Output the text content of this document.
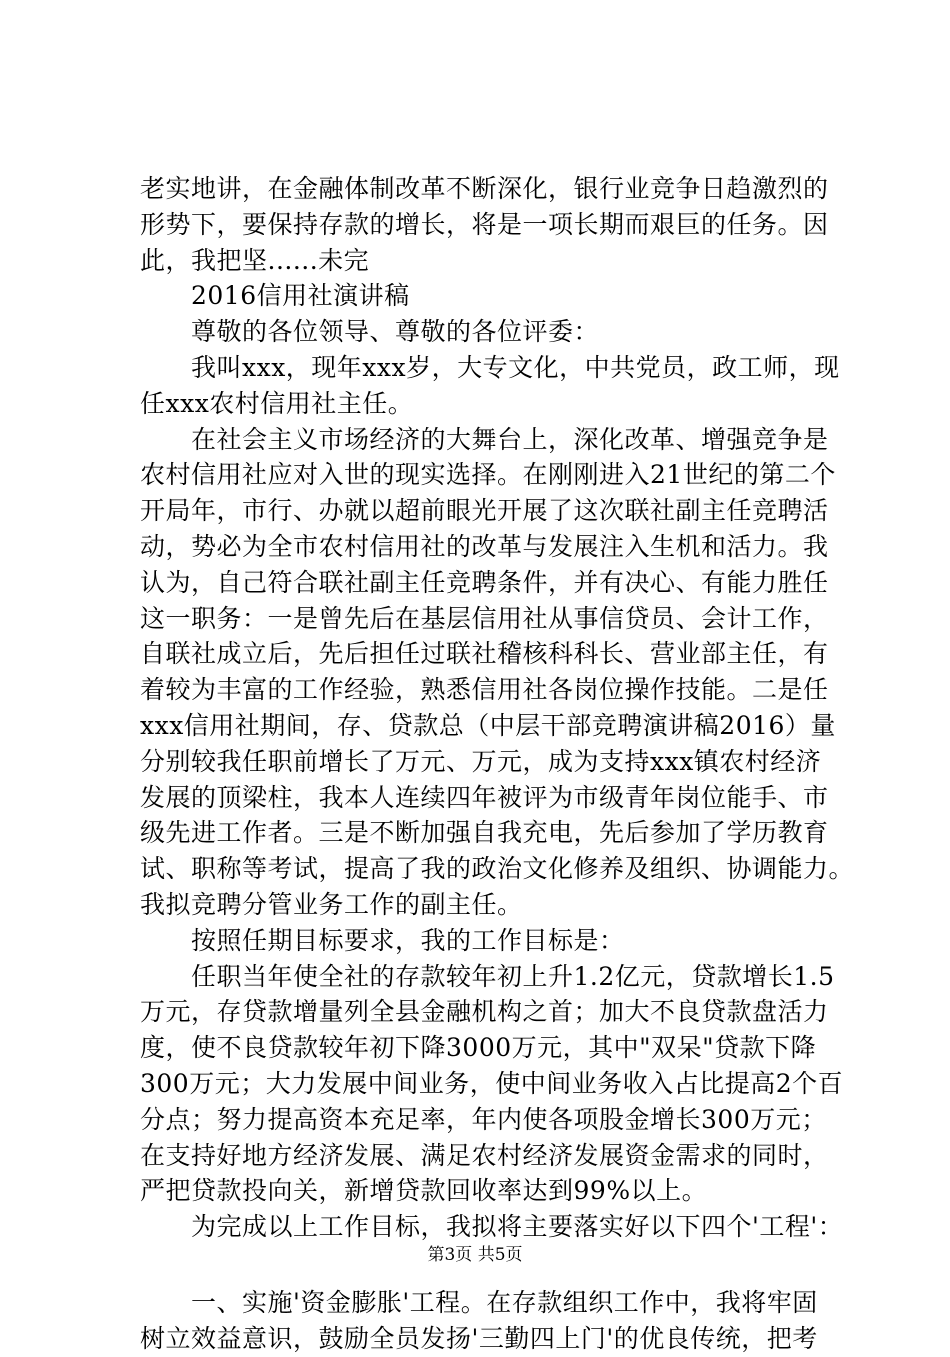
老实地讲，在金融体制改革不断深化，银行业竞争日趋激烈的
形势下，要保持存款的增长，将是一项长期而艰巨的任务。因
此，我把坚......未完
　　2016信用社演讲稿
　　尊敬的各位领导、尊敬的各位评委：
　　我叫xxx，现年xxx岁，大专文化，中共党员，政工师，现
任xxx农村信用社主任。
　　在社会主义市场经济的大舞台上，深化改革、增强竞争是
农村信用社应对入世的现实选择。在刚刚进入21世纪的第二个
开局年，市行、办就以超前眼光开展了这次联社副主任竞聘活
动，势必为全市农村信用社的改革与发展注入生机和活力。我
认为，自己符合联社副主任竞聘条件，并有决心、有能力胜任
这一职务：一是曾先后在基层信用社从事信贷员、会计工作，
自联社成立后，先后担任过联社稽核科科长、营业部主任，有
着较为丰富的工作经验，熟悉信用社各岗位操作技能。二是任
xxx信用社期间，存、贷款总（中层干部竞聘演讲稿2016）量
分别较我任职前增长了万元、万元，成为支持xxx镇农村经济
发展的顶梁柱，我本人连续四年被评为市级青年岗位能手、市
级先进工作者。三是不断加强自我充电，先后参加了学历教育
试、职称等考试，提高了我的政治文化修养及组织、协调能力。
我拟竞聘分管业务工作的副主任。
　　按照任期目标要求，我的工作目标是：
　　任职当年使全社的存款较年初上升1.2亿元，贷款增长1.5
万元，存贷款增量列全县金融机构之首；加大不良贷款盘活力
度，使不良贷款较年初下降3000万元，其中"双呆"贷款下降
300万元；大力发展中间业务，使中间业务收入占比提高2个百
分点；努力提高资本充足率，年内使各项股金增长300万元；
在支持好地方经济发展、满足农村经济发展资金需求的同时，
严把贷款投向关，新增贷款回收率达到99%以上。
　　为完成以上工作目标，我拟将主要落实好以下四个'工程'：
　　一、实施'资金膨胀'工程。在存款组织工作中，我将牢固
树立效益意识，鼓励全员发扬'三勤四上门'的优良传统，把考
第3页 共5页
